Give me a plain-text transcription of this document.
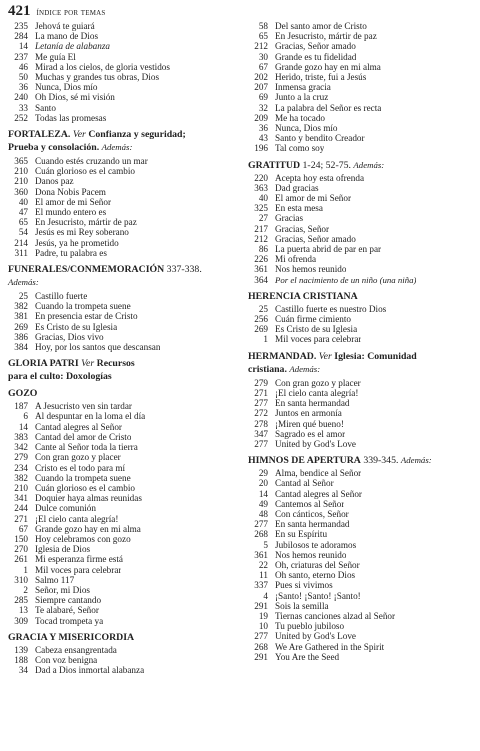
421 índice por temas
235 Jehová te guiará
284 La mano de Dios
14 Letanía de alabanza
237 Me guía El
46 Mirad a los cielos, de gloria vestidos
50 Muchas y grandes tus obras, Dios
36 Nunca, Dios mío
240 Oh Dios, sé mi visión
33 Santo
252 Todas las promesas
FORTALEZA. Ver Confianza y seguridad;
Prueba y consolación. Además:
365 Cuando estés cruzando un mar
210 Cuán glorioso es el cambio
210 Danos paz
360 Dona Nobis Pacem
40 El amor de mi Señor
47 El mundo entero es
65 En Jesucristo, mártir de paz
54 Jesús es mi Rey soberano
214 Jesús, ya he prometido
311 Padre, tu palabra es
FUNERALES/CONMEMORACIÓN 337-338.
Además:
25 Castillo fuerte
382 Cuando la trompeta suene
381 En presencia estar de Cristo
269 Es Cristo de su Iglesia
386 Gracias, Dios vivo
384 Hoy, por los santos que descansan
GLORIA PATRI Ver Recursos
para el culto: Doxologías
GOZO
187 A Jesucristo ven sin tardar
6 Al despuntar en la loma el día
14 Cantad alegres al Señor
383 Cantad del amor de Cristo
342 Cante al Señor toda la tierra
279 Con gran gozo y placer
234 Cristo es el todo para mí
382 Cuando la trompeta suene
210 Cuán glorioso es el cambio
341 Doquier haya almas reunidas
244 Dulce comunión
271 ¡El cielo canta alegría!
67 Grande gozo hay en mi alma
150 Hoy celebramos con gozo
270 Iglesia de Dios
261 Mi esperanza firme está
1 Mil voces para celebrar
310 Salmo 117
2 Señor, mi Dios
285 Siempre cantando
13 Te alabaré, Señor
309 Tocad trompeta ya
GRACIA Y MISERICORDIA
139 Cabeza ensangrentada
188 Con voz benigna
34 Dad a Dios inmortal alabanza
58 Del santo amor de Cristo
65 En Jesucristo, mártir de paz
212 Gracias, Señor amado
30 Grande es tu fidelidad
67 Grande gozo hay en mi alma
202 Herido, triste, fui a Jesús
207 Inmensa gracia
69 Junto a la cruz
32 La palabra del Señor es recta
209 Me ha tocado
36 Nunca, Dios mío
43 Santo y bendito Creador
196 Tal como soy
GRATITUD 1-24; 52-75. Además:
220 Acepta hoy esta ofrenda
363 Dad gracias
40 El amor de mi Señor
325 En esta mesa
27 Gracias
217 Gracias, Señor
212 Gracias, Señor amado
86 La puerta abrid de par en par
226 Mi ofrenda
361 Nos hemos reunido
364 Por el nacimiento de un niño (una niña)
HERENCIA CRISTIANA
25 Castillo fuerte es nuestro Dios
256 Cuán firme cimiento
269 Es Cristo de su Iglesia
1 Mil voces para celebrar
HERMANDAD. Ver Iglesia: Comunidad
cristiana. Además:
279 Con gran gozo y placer
271 ¡El cielo canta alegría!
277 En santa hermandad
272 Juntos en armonía
278 ¡Miren qué bueno!
347 Sagrado es el amor
277 United by God's Love
HIMNOS DE APERTURA 339-345. Además:
29 Alma, bendice al Señor
20 Cantad al Señor
14 Cantad alegres al Señor
49 Cantemos al Señor
48 Con cánticos, Señor
277 En santa hermandad
268 En su Espíritu
5 Jubilosos te adoramos
361 Nos hemos reunido
22 Oh, criaturas del Señor
11 Oh santo, eterno Dios
337 Pues si vivimos
4 ¡Santo! ¡Santo! ¡Santo!
291 Sois la semilla
19 Tiernas canciones alzad al Señor
10 Tu pueblo jubiloso
277 United by God's Love
268 We Are Gathered in the Spirit
291 You Are the Seed
